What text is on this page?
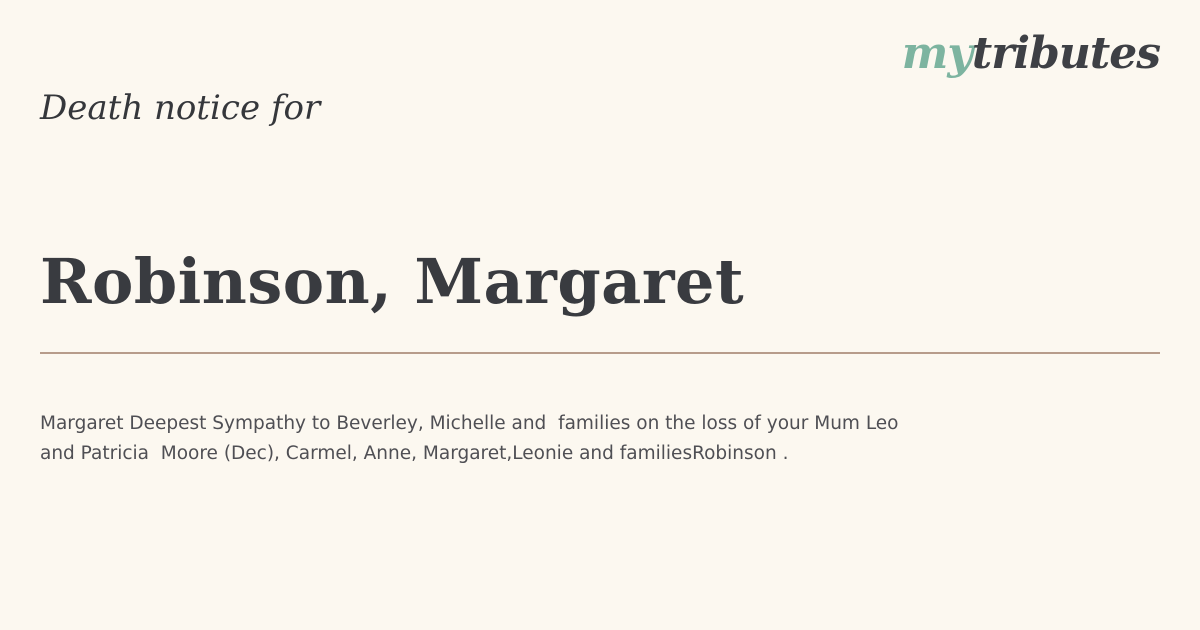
mytributes
Death notice for
Robinson, Margaret

Margaret Deepest Sympathy to Beverley, Michelle and  families on the loss of your Mum Leo  and Patricia  Moore (Dec), Carmel, Anne, Margaret,Leonie and familiesRobinson .
